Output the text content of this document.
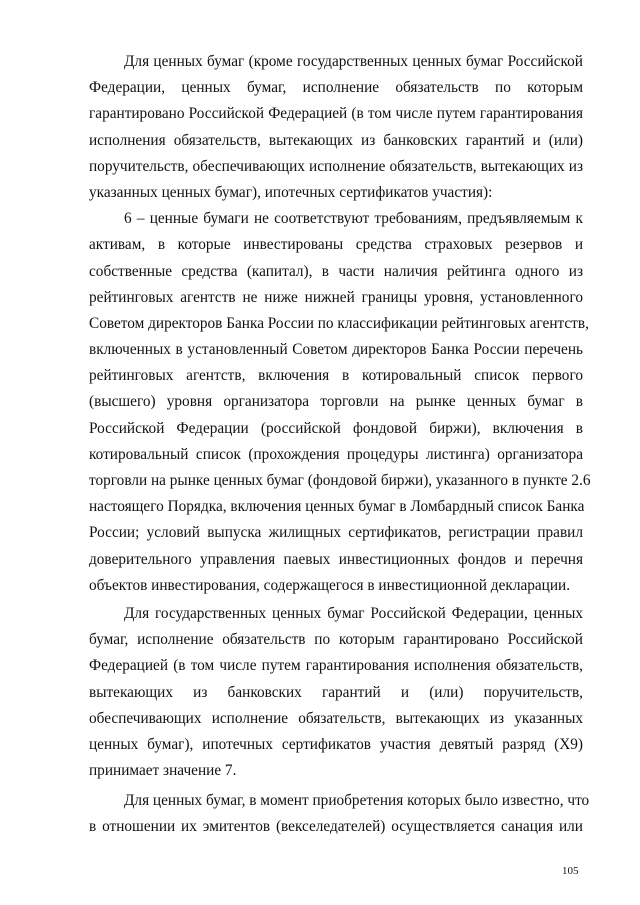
Для ценных бумаг (кроме государственных ценных бумаг Российской
Федерации, ценных бумаг, исполнение обязательств по которым
гарантировано Российской Федерацией (в том числе путем гарантирования
исполнения обязательств, вытекающих из банковских гарантий и (или)
поручительств, обеспечивающих исполнение обязательств, вытекающих из
указанных ценных бумаг), ипотечных сертификатов участия):

6 – ценные бумаги не соответствуют требованиям, предъявляемым к
активам, в которые инвестированы средства страховых резервов и
собственные средства (капитал), в части наличия рейтинга одного из
рейтинговых агентств не ниже нижней границы уровня, установленного
Советом директоров Банка России по классификации рейтинговых агентств,
включенных в установленный Советом директоров Банка России перечень
рейтинговых агентств, включения в котировальный список первого
(высшего) уровня организатора торговли на рынке ценных бумаг в
Российской Федерации (российской фондовой биржи), включения в
котировальный список (прохождения процедуры листинга) организатора
торговли на рынке ценных бумаг (фондовой биржи), указанного в пункте 2.6
настоящего Порядка, включения ценных бумаг в Ломбардный список Банка
России; условий выпуска жилищных сертификатов, регистрации правил
доверительного управления паевых инвестиционных фондов и перечня
объектов инвестирования, содержащегося в инвестиционной декларации.

Для государственных ценных бумаг Российской Федерации, ценных
бумаг, исполнение обязательств по которым гарантировано Российской
Федерацией (в том числе путем гарантирования исполнения обязательств,
вытекающих из банковских гарантий и (или) поручительств,
обеспечивающих исполнение обязательств, вытекающих из указанных
ценных бумаг), ипотечных сертификатов участия девятый разряд (X9)
принимает значение 7.

Для ценных бумаг, в момент приобретения которых было известно, что
в отношении их эмитентов (векселедателей) осуществляется санация или

105
